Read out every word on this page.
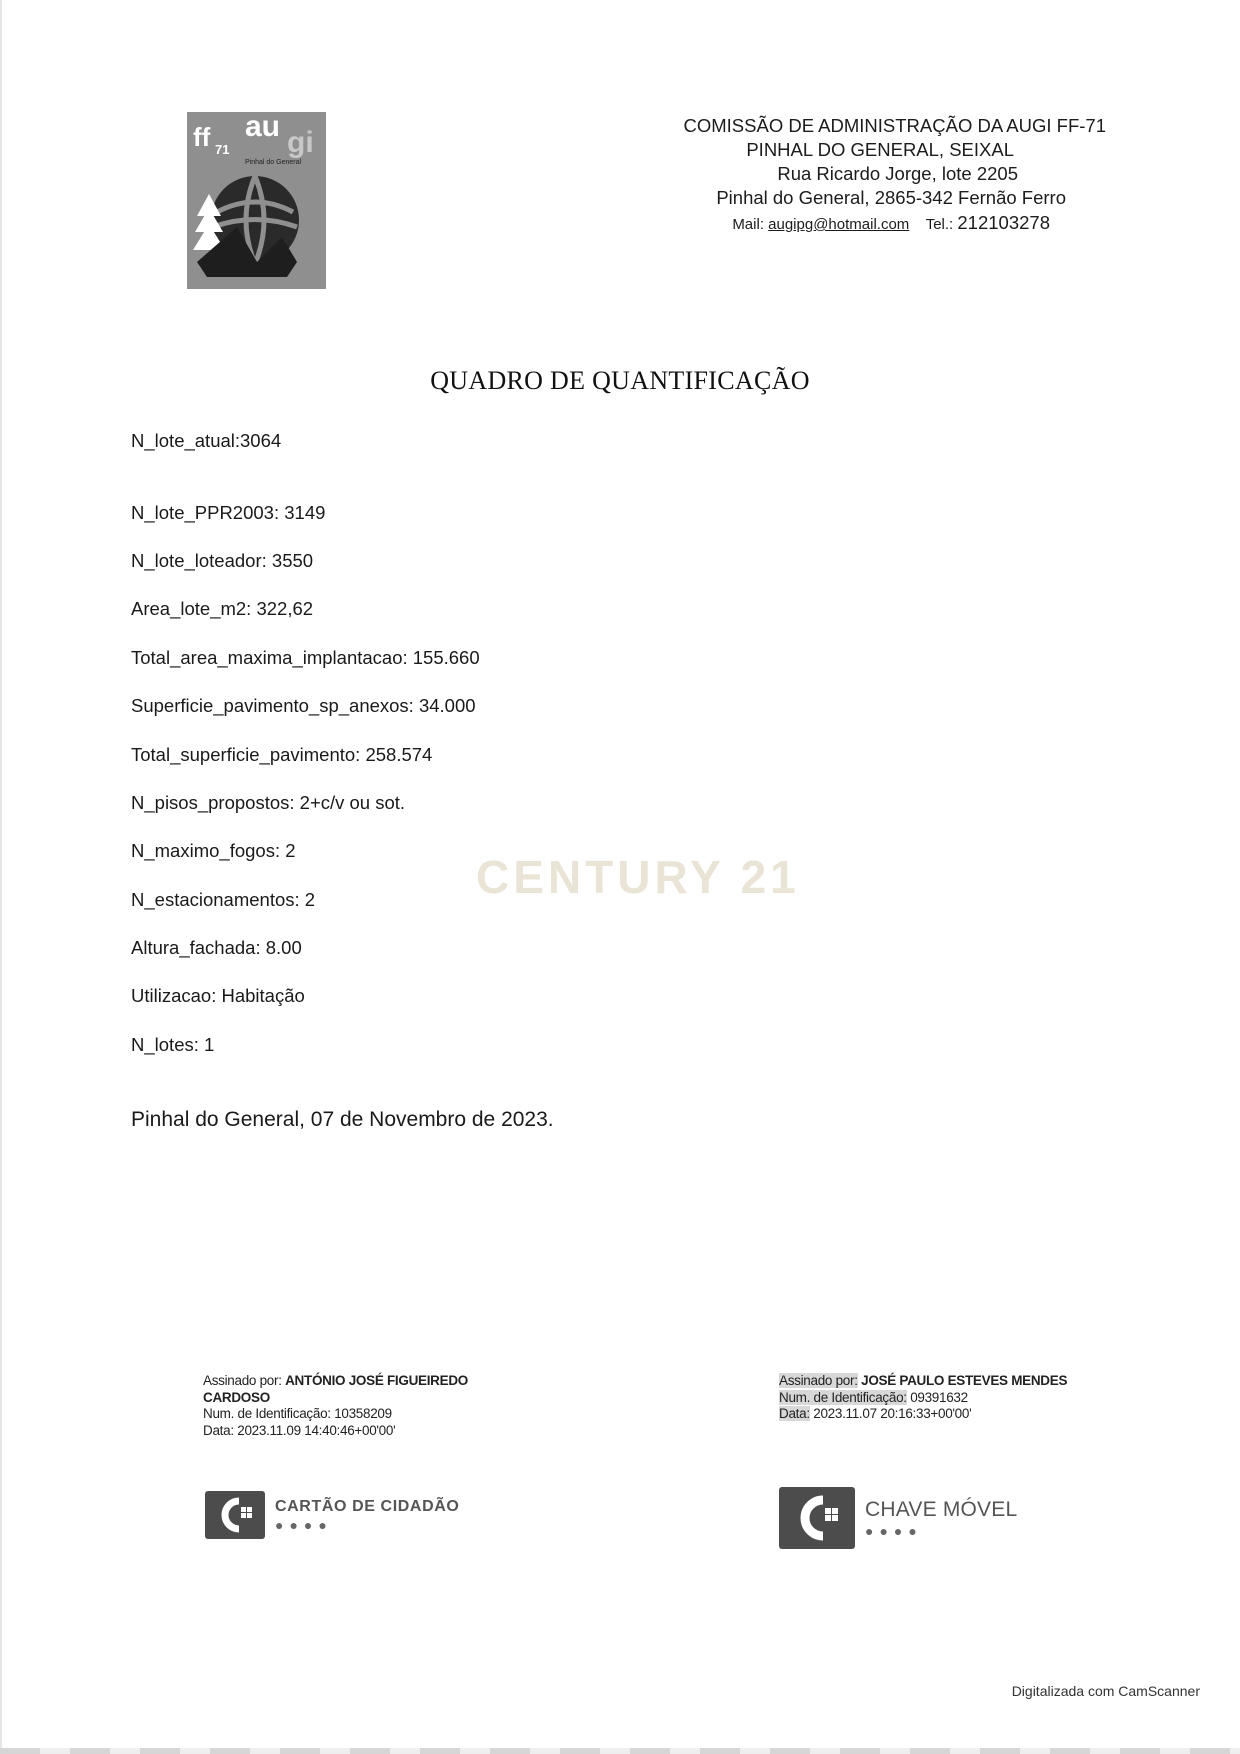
ff 71
au gi
Pinhal do General
COMISSÃO DE ADMINISTRAÇÃO DA AUGI FF-71
PINHAL DO GENERAL, SEIXAL
Rua Ricardo Jorge, lote 2205
Pinhal do General, 2865-342 Fernão Ferro
Mail: augipg@hotmail.com Tel.: 212103278
QUADRO DE QUANTIFICAÇÃO
N_lote_atual:3064
N_lote_PPR2003: 3149
N_lote_loteador: 3550
Area_lote_m2: 322,62
Total_area_maxima_implantacao: 155.660
Superficie_pavimento_sp_anexos: 34.000
Total_superficie_pavimento: 258.574
N_pisos_propostos: 2+c/v ou sot.
N_maximo_fogos: 2
N_estacionamentos: 2
Altura_fachada: 8.00
Utilizacao: Habitação
N_lotes: 1
CENTURY 21
Pinhal do General, 07 de Novembro de 2023.
Assinado por: ANTÓNIO JOSÉ FIGUEIREDO
CARDOSO
Num. de Identificação: 10358209
Data: 2023.11.09 14:40:46+00'00'
CARTÃO DE CIDADÃO
●●●●
Assinado por: JOSÉ PAULO ESTEVES MENDES
Num. de Identificação: 09391632
Data: 2023.11.07 20:16:33+00'00'
CHAVE MÓVEL
●●●●
Digitalizada com CamScanner
